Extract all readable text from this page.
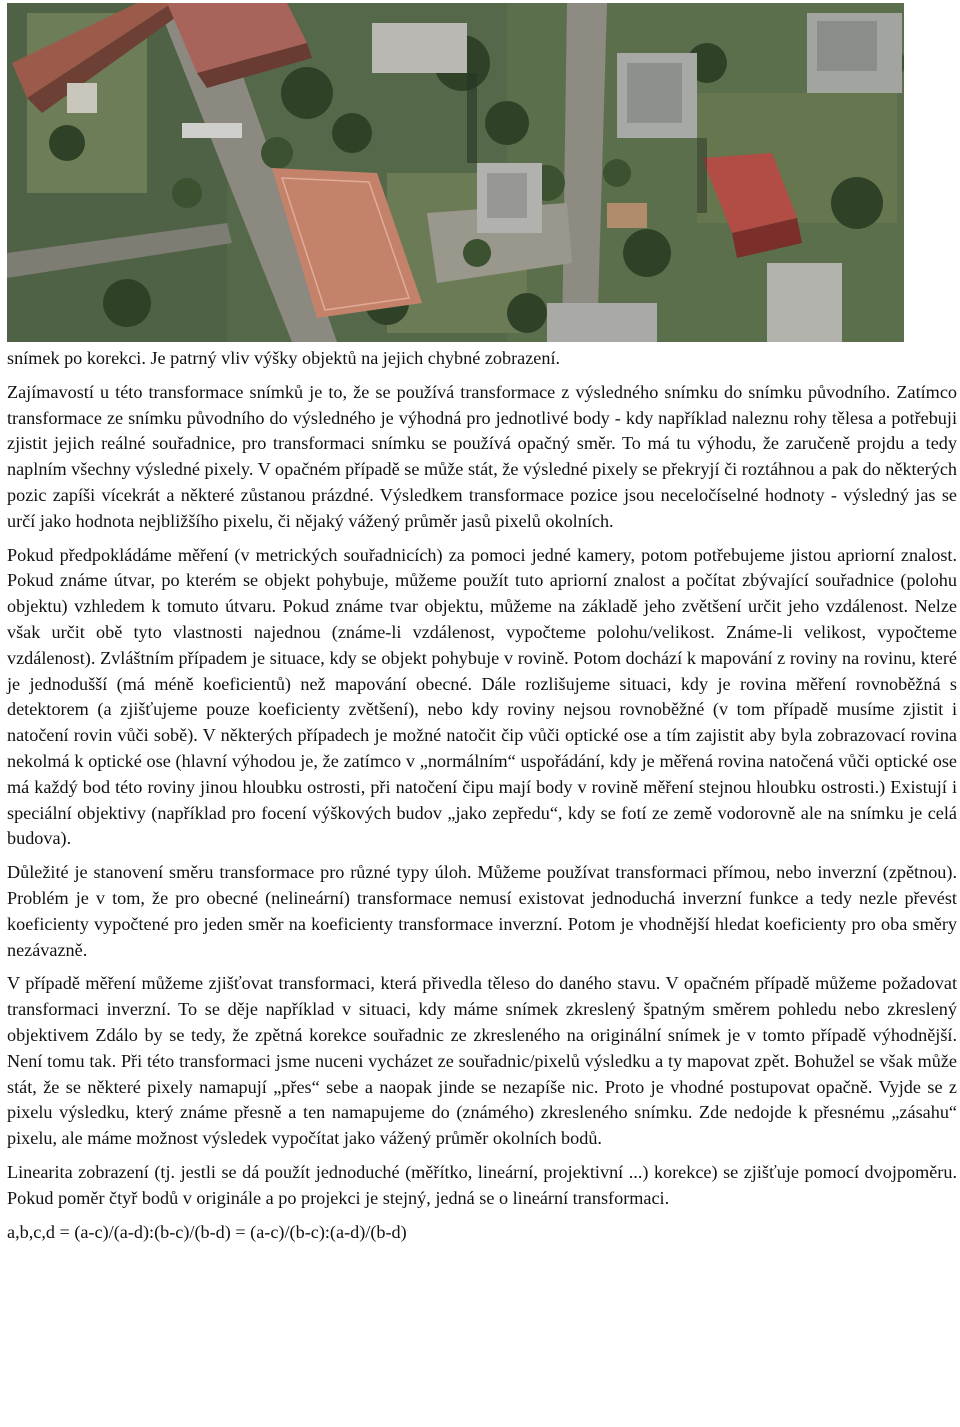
snímek po korekci. Je patrný vliv výšky objektů na jejich chybné zobrazení.

Zajímavostí u této transformace snímků je to, že se používá transformace z výsledného snímku do snímku původního. Zatímco transformace ze snímku původního do výsledného je výhodná pro jednotlivé body - kdy například naleznu rohy tělesa a potřebuji zjistit jejich reálné souřadnice, pro transformaci snímku se používá opačný směr. To má tu výhodu, že zaručeně projdu a tedy naplním všechny výsledné pixely. V opačném případě se může stát, že výsledné pixely se překryjí či roztáhnou a pak do některých pozic zapíši vícekrát a některé zůstanou prázdné. Výsledkem transformace pozice jsou neceločíselné hodnoty - výsledný jas se určí jako hodnota nejbližšího pixelu, či nějaký vážený průměr jasů pixelů okolních.

Pokud předpokládáme měření (v metrických souřadnicích) za pomoci jedné kamery, potom potřebujeme jistou apriorní znalost. Pokud známe útvar, po kterém se objekt pohybuje, můžeme použít tuto apriorní znalost a počítat zbývající souřadnice (polohu objektu) vzhledem k tomuto útvaru. Pokud známe tvar objektu, můžeme na základě jeho zvětšení určit jeho vzdálenost. Nelze však určit obě tyto vlastnosti najednou (známe-li vzdálenost, vypočteme polohu/velikost. Známe-li velikost, vypočteme vzdálenost). Zvláštním případem je situace, kdy se objekt pohybuje v rovině. Potom dochází k mapování z roviny na rovinu, které je jednodušší (má méně koeficientů) než mapování obecné. Dále rozlišujeme situaci, kdy je rovina měření rovnoběžná s detektorem (a zjišťujeme pouze koeficienty zvětšení), nebo kdy roviny nejsou rovnoběžné (v tom případě musíme zjistit i natočení rovin vůči sobě). V některých případech je možné natočit čip vůči optické ose a tím zajistit aby byla zobrazovací rovina nekolmá k optické ose (hlavní výhodou je, že zatímco v „normálním“ uspořádání, kdy je měřená rovina natočená vůči optické ose má každý bod této roviny jinou hloubku ostrosti, při natočení čipu mají body v rovině měření stejnou hloubku ostrosti.) Existují i speciální objektivy (například pro focení výškových budov „jako zepředu“, kdy se fotí ze země vodorovně ale na snímku je celá budova).

Důležité je stanovení směru transformace pro různé typy úloh. Můžeme používat transformaci přímou, nebo inverzní (zpětnou). Problém je v tom, že pro obecné (nelineární) transformace nemusí existovat jednoduchá inverzní funkce a tedy nezle převést koeficienty vypočtené pro jeden směr na koeficienty transformace inverzní. Potom je vhodnější hledat koeficienty pro oba směry nezávazně.

V případě měření můžeme zjišťovat transformaci, která přivedla těleso do daného stavu. V opačném případě můžeme požadovat transformaci inverzní. To se děje například v situaci, kdy máme snímek zkreslený špatným směrem pohledu nebo zkreslený objektivem Zdálo by se tedy, že zpětná korekce souřadnic ze zkresleného na originální snímek je v tomto případě výhodnější. Není tomu tak. Při této transformaci jsme nuceni vycházet ze souřadnic/pixelů výsledku a ty mapovat zpět. Bohužel se však může stát, že se některé pixely namapují „přes“ sebe a naopak jinde se nezapíše nic. Proto je vhodné postupovat opačně. Vyjde se z pixelu výsledku, který známe přesně a ten namapujeme do (známého) zkresleného snímku. Zde nedojde k přesnému „zásahu“ pixelu, ale máme možnost výsledek vypočítat jako vážený průměr okolních bodů.

Linearita zobrazení (tj. jestli se dá použít jednoduché (měřítko, lineární, projektivní ...) korekce) se zjišťuje pomocí dvojpoměru. Pokud poměr čtyř bodů v originále a po projekci je stejný, jedná se o lineární transformaci.

a,b,c,d = (a-c)/(a-d):(b-c)/(b-d) = (a-c)/(b-c):(a-d)/(b-d)
